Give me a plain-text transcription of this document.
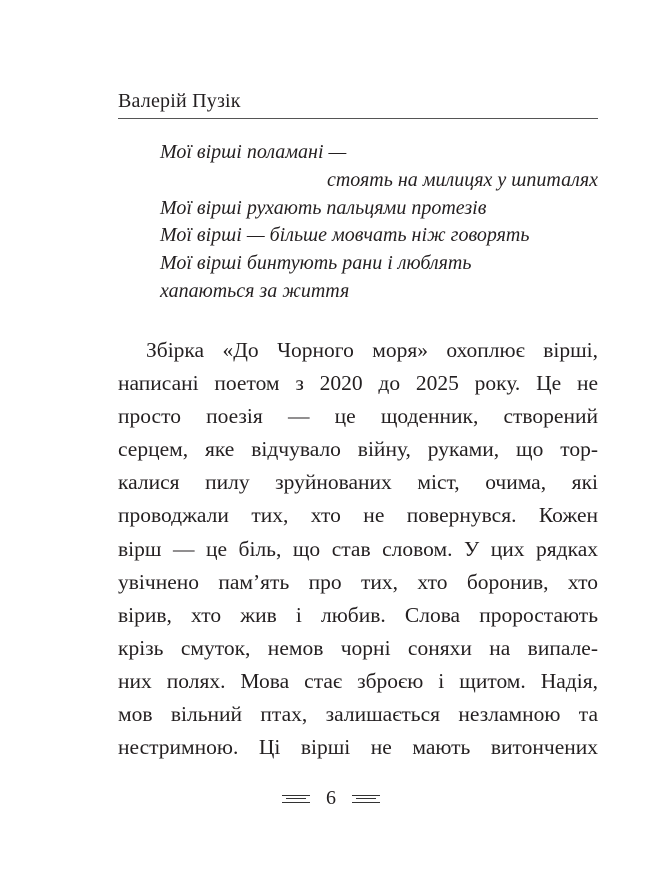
Валерій Пузік
Мої вірші поламані —
стоять на милицях у шпиталях
Мої вірші рухають пальцями протезів
Мої вірші — більше мовчать ніж говорять
Мої вірші бинтують рани і люблять
хапаються за життя
Збірка «До Чорного моря» охоплює вірші,
написані поетом з 2020 до 2025 року. Це не
просто поезія — це щоденник, створений
серцем, яке відчувало війну, руками, що тор-
калися пилу зруйнованих міст, очима, які
проводжали тих, хто не повернувся. Кожен
вірш — це біль, що став словом. У цих рядках
увічнено пам’ять про тих, хто боронив, хто
вірив, хто жив і любив. Слова проростають
крізь смуток, немов чорні соняхи на випале-
них полях. Мова стає зброєю і щитом. Надія,
мов вільний птах, залишається незламною та
нестримною. Ці вірші не мають витончених
6
